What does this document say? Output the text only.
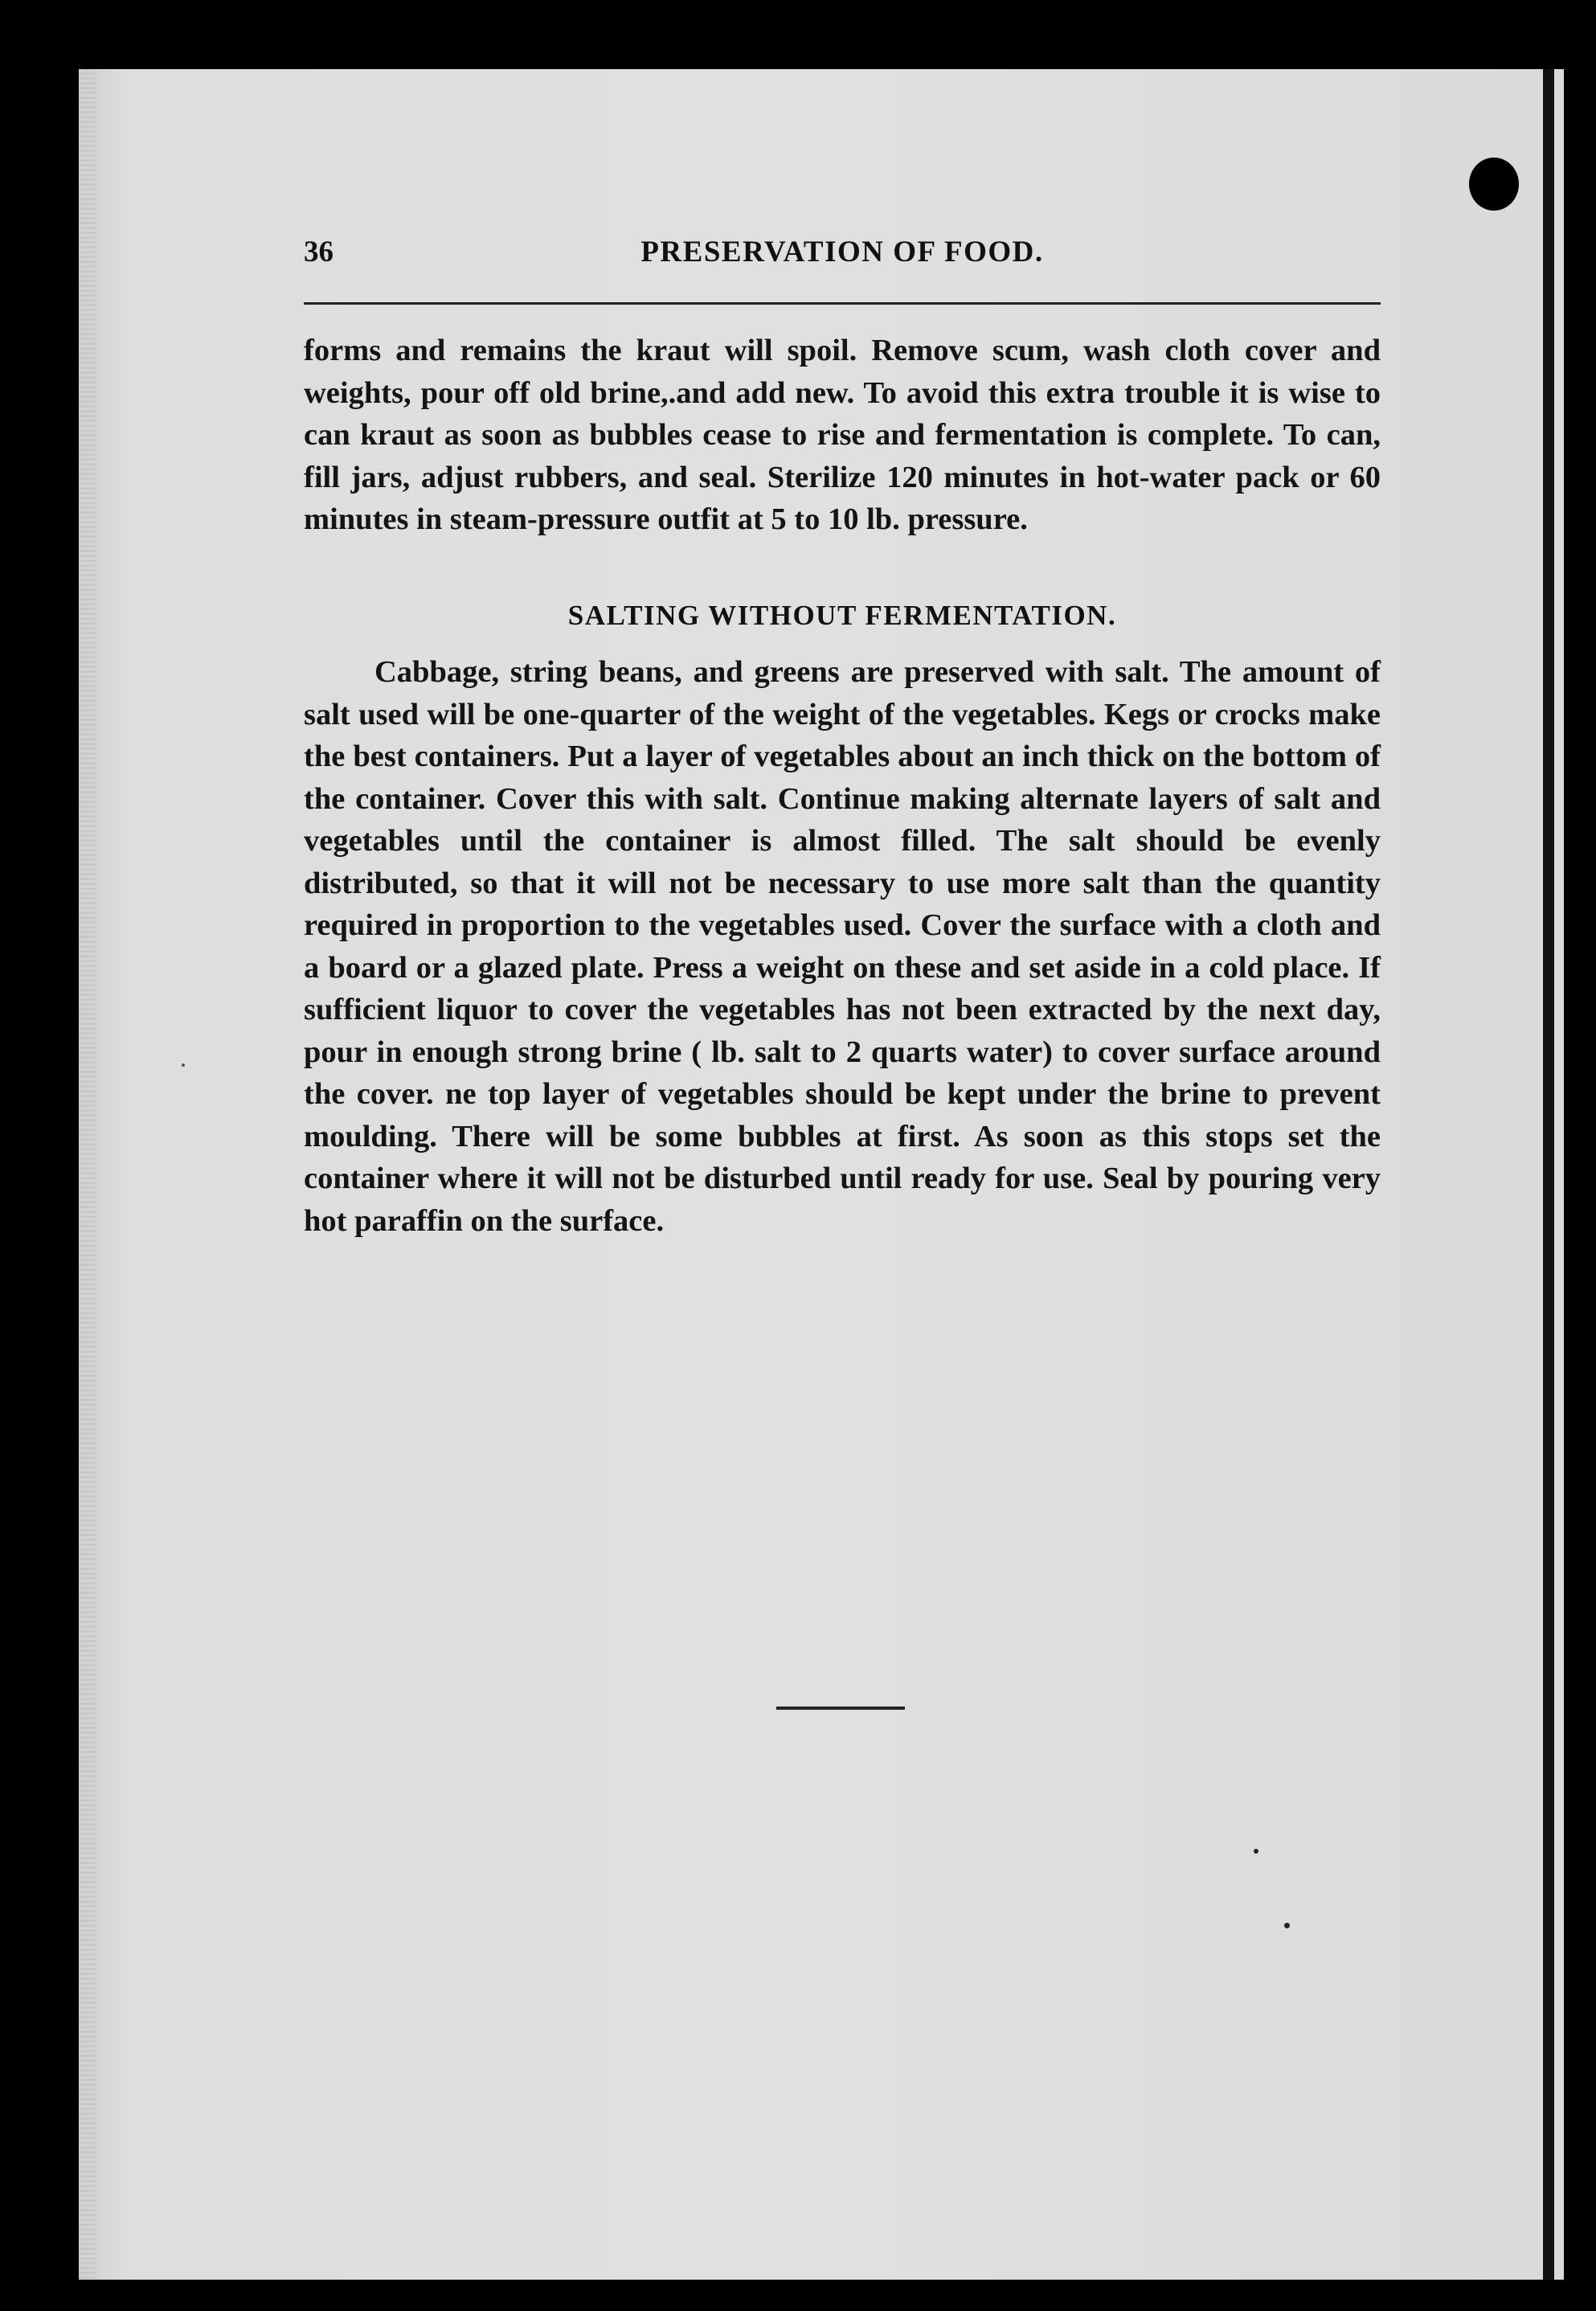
36	PRESERVATION OF FOOD.

forms and remains the kraut will spoil. Remove scum, wash cloth cover and weights, pour off old brine,.and add new. To avoid this extra trouble it is wise to can kraut as soon as bubbles cease to rise and fermentation is complete. To can, fill jars, adjust rubbers, and seal. Sterilize 120 minutes in hot-water pack or 60 minutes in steam-pressure outfit at 5 to 10 lb. pressure.

SALTING WITHOUT FERMENTATION.

Cabbage, string beans, and greens are preserved with salt. The amount of salt used will be one-quarter of the weight of the vegetables. Kegs or crocks make the best containers. Put a layer of vegetables about an inch thick on the bottom of the container. Cover this with salt. Continue making alternate layers of salt and vegetables until the container is almost filled. The salt should be evenly distributed, so that it will not be necessary to use more salt than the quantity required in proportion to the vegetables used. Cover the surface with a cloth and a board or a glazed plate. Press a weight on these and set aside in a cold place. If sufficient liquor to cover the vegetables has not been extracted by the next day, pour in enough strong brine ( lb. salt to 2 quarts water) to cover surface around the cover. ne top layer of vegetables should be kept under the brine to prevent moulding. There will be some bubbles at first. As soon as this stops set the container where it will not be disturbed until ready for use. Seal by pouring very hot paraffin on the surface.
